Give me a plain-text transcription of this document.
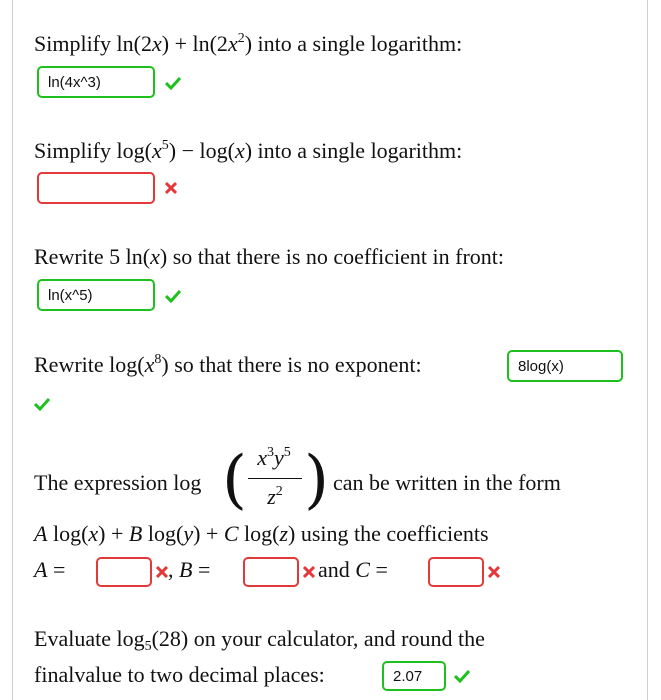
Simplify $\ln(2x) + \ln(2x^2)$ into a single logarithm:
ln(4x^3)
Simplify $\log(x^5) - \log(x)$ into a single logarithm:
Rewrite 5 ln(x) so that there is no coefficient in front:
ln(x^5)
Rewrite $\log(x^8)$ so that there is no exponent:
8log(x)
The expression log ( $x^3y^5$
$z^2$ ) can be written in the form
A log(x) + B log(y) + C log(z) using the coefficients
A =	, B =	and C =
Evaluate $\log_5(28)$ on your calculator, and round the
finalvalue to two decimal places:
2.07
